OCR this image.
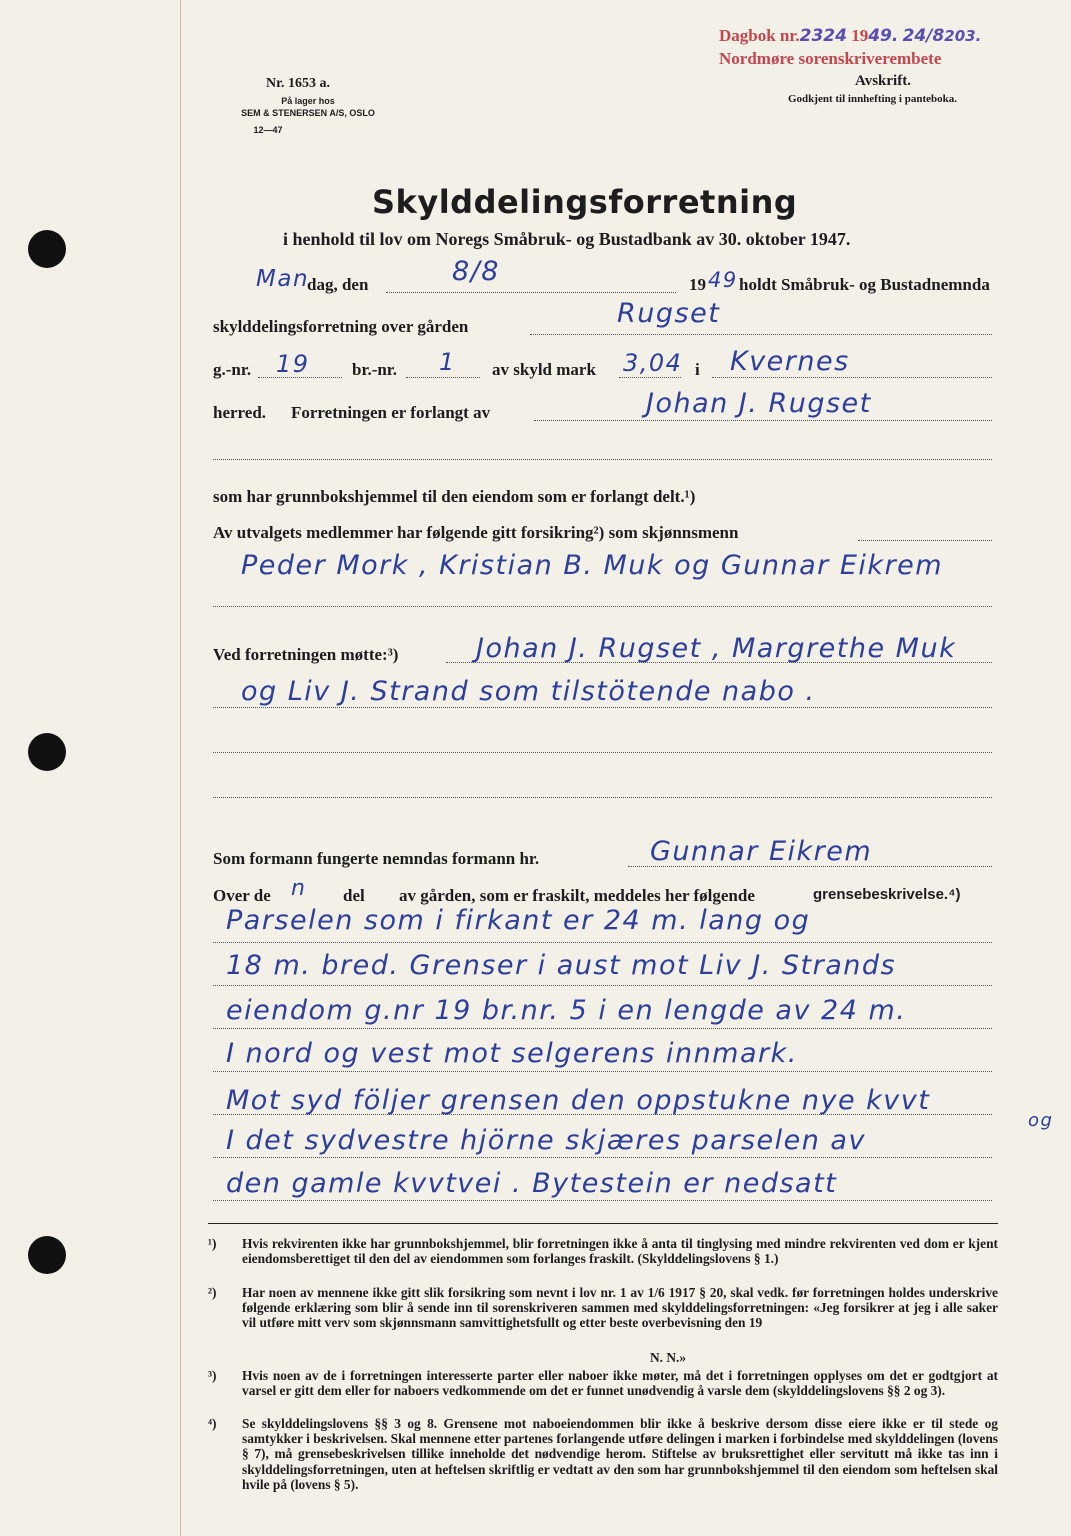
Dagbok nr.2324 1949. 24/8203.
Nordmøre sorenskriverembete
Avskrift.
Godkjent til innhefting i panteboka.
Nr. 1653 a.
På lager hos
SEM & STENERSEN A/S, OSLO
12—47
Skylddelingsforretning
i henhold til lov om Noregs Småbruk- og Bustadbank av 30. oktober 1947.
Man
dag, den	8/8	19 49 holdt Småbruk- og Bustadnemnda
skylddelingsforretning over gården	Rugset
g.-nr. 19 br.-nr. 1 av skyld mark 3,04 i Kvernes
herred. Forretningen er forlangt av	Johan J. Rugset
som har grunnbokshjemmel til den eiendom som er forlangt delt.¹)
Av utvalgets medlemmer har følgende gitt forsikring²) som skjønnsmenn
Peder Mork , Kristian B. Muk og Gunnar Eikrem
Ved forretningen møtte:³)	Johan J. Rugset , Margrethe Muk
og Liv J. Strand som tilstötende nabo .
Som formann fungerte nemndas formann hr.	Gunnar Eikrem
Over de n del av gården, som er fraskilt, meddeles her følgende	grensebeskrivelse.⁴)
Parselen som i firkant er 24 m. lang og
18 m. bred. Grenser i aust mot Liv J. Strands
eiendom g.nr 19 br.nr. 5 i en lengde av 24 m.
I nord og vest mot selgerens innmark.
Mot syd följer grensen den oppstukne nye kvvt
I det sydvestre hjörne skjæres parselen av
den gamle kvvtvei . Bytestein er nedsatt
og
¹) Hvis rekvirenten ikke har grunnbokshjemmel, blir forretningen ikke å anta til tinglysing med mindre rekvirenten ved dom er kjent eiendomsberettiget til den del av eiendommen som forlanges fraskilt. (Skylddelingslovens § 1.)
²) Har noen av mennene ikke gitt slik forsikring som nevnt i lov nr. 1 av 1/6 1917 § 20, skal vedk. før forretningen holdes underskrive følgende erklæring som blir å sende inn til sorenskriveren sammen med skylddelingsforretningen: «Jeg forsikrer at jeg i alle saker vil utføre mitt verv som skjønnsmann samvittighetsfullt og etter beste overbevisning den 19
N. N.»
³) Hvis noen av de i forretningen interesserte parter eller naboer ikke møter, må det i forretningen opplyses om det er godtgjort at varsel er gitt dem eller for naboers vedkommende om det er funnet unødvendig å varsle dem (skylddelingslovens §§ 2 og 3).
⁴) Se skylddelingslovens §§ 3 og 8. Grensene mot naboeiendommen blir ikke å beskrive dersom disse eiere ikke er til stede og samtykker i beskrivelsen. Skal mennene etter partenes forlangende utføre delingen i marken i forbindelse med skylddelingen (lovens § 7), må grensebeskrivelsen tillike inneholde det nødvendige herom. Stiftelse av bruksrettighet eller servitutt må ikke tas inn i skylddelingsforretningen, uten at heftelsen skriftlig er vedtatt av den som har grunnbokshjemmel til den eiendom som heftelsen skal hvile på (lovens § 5).
